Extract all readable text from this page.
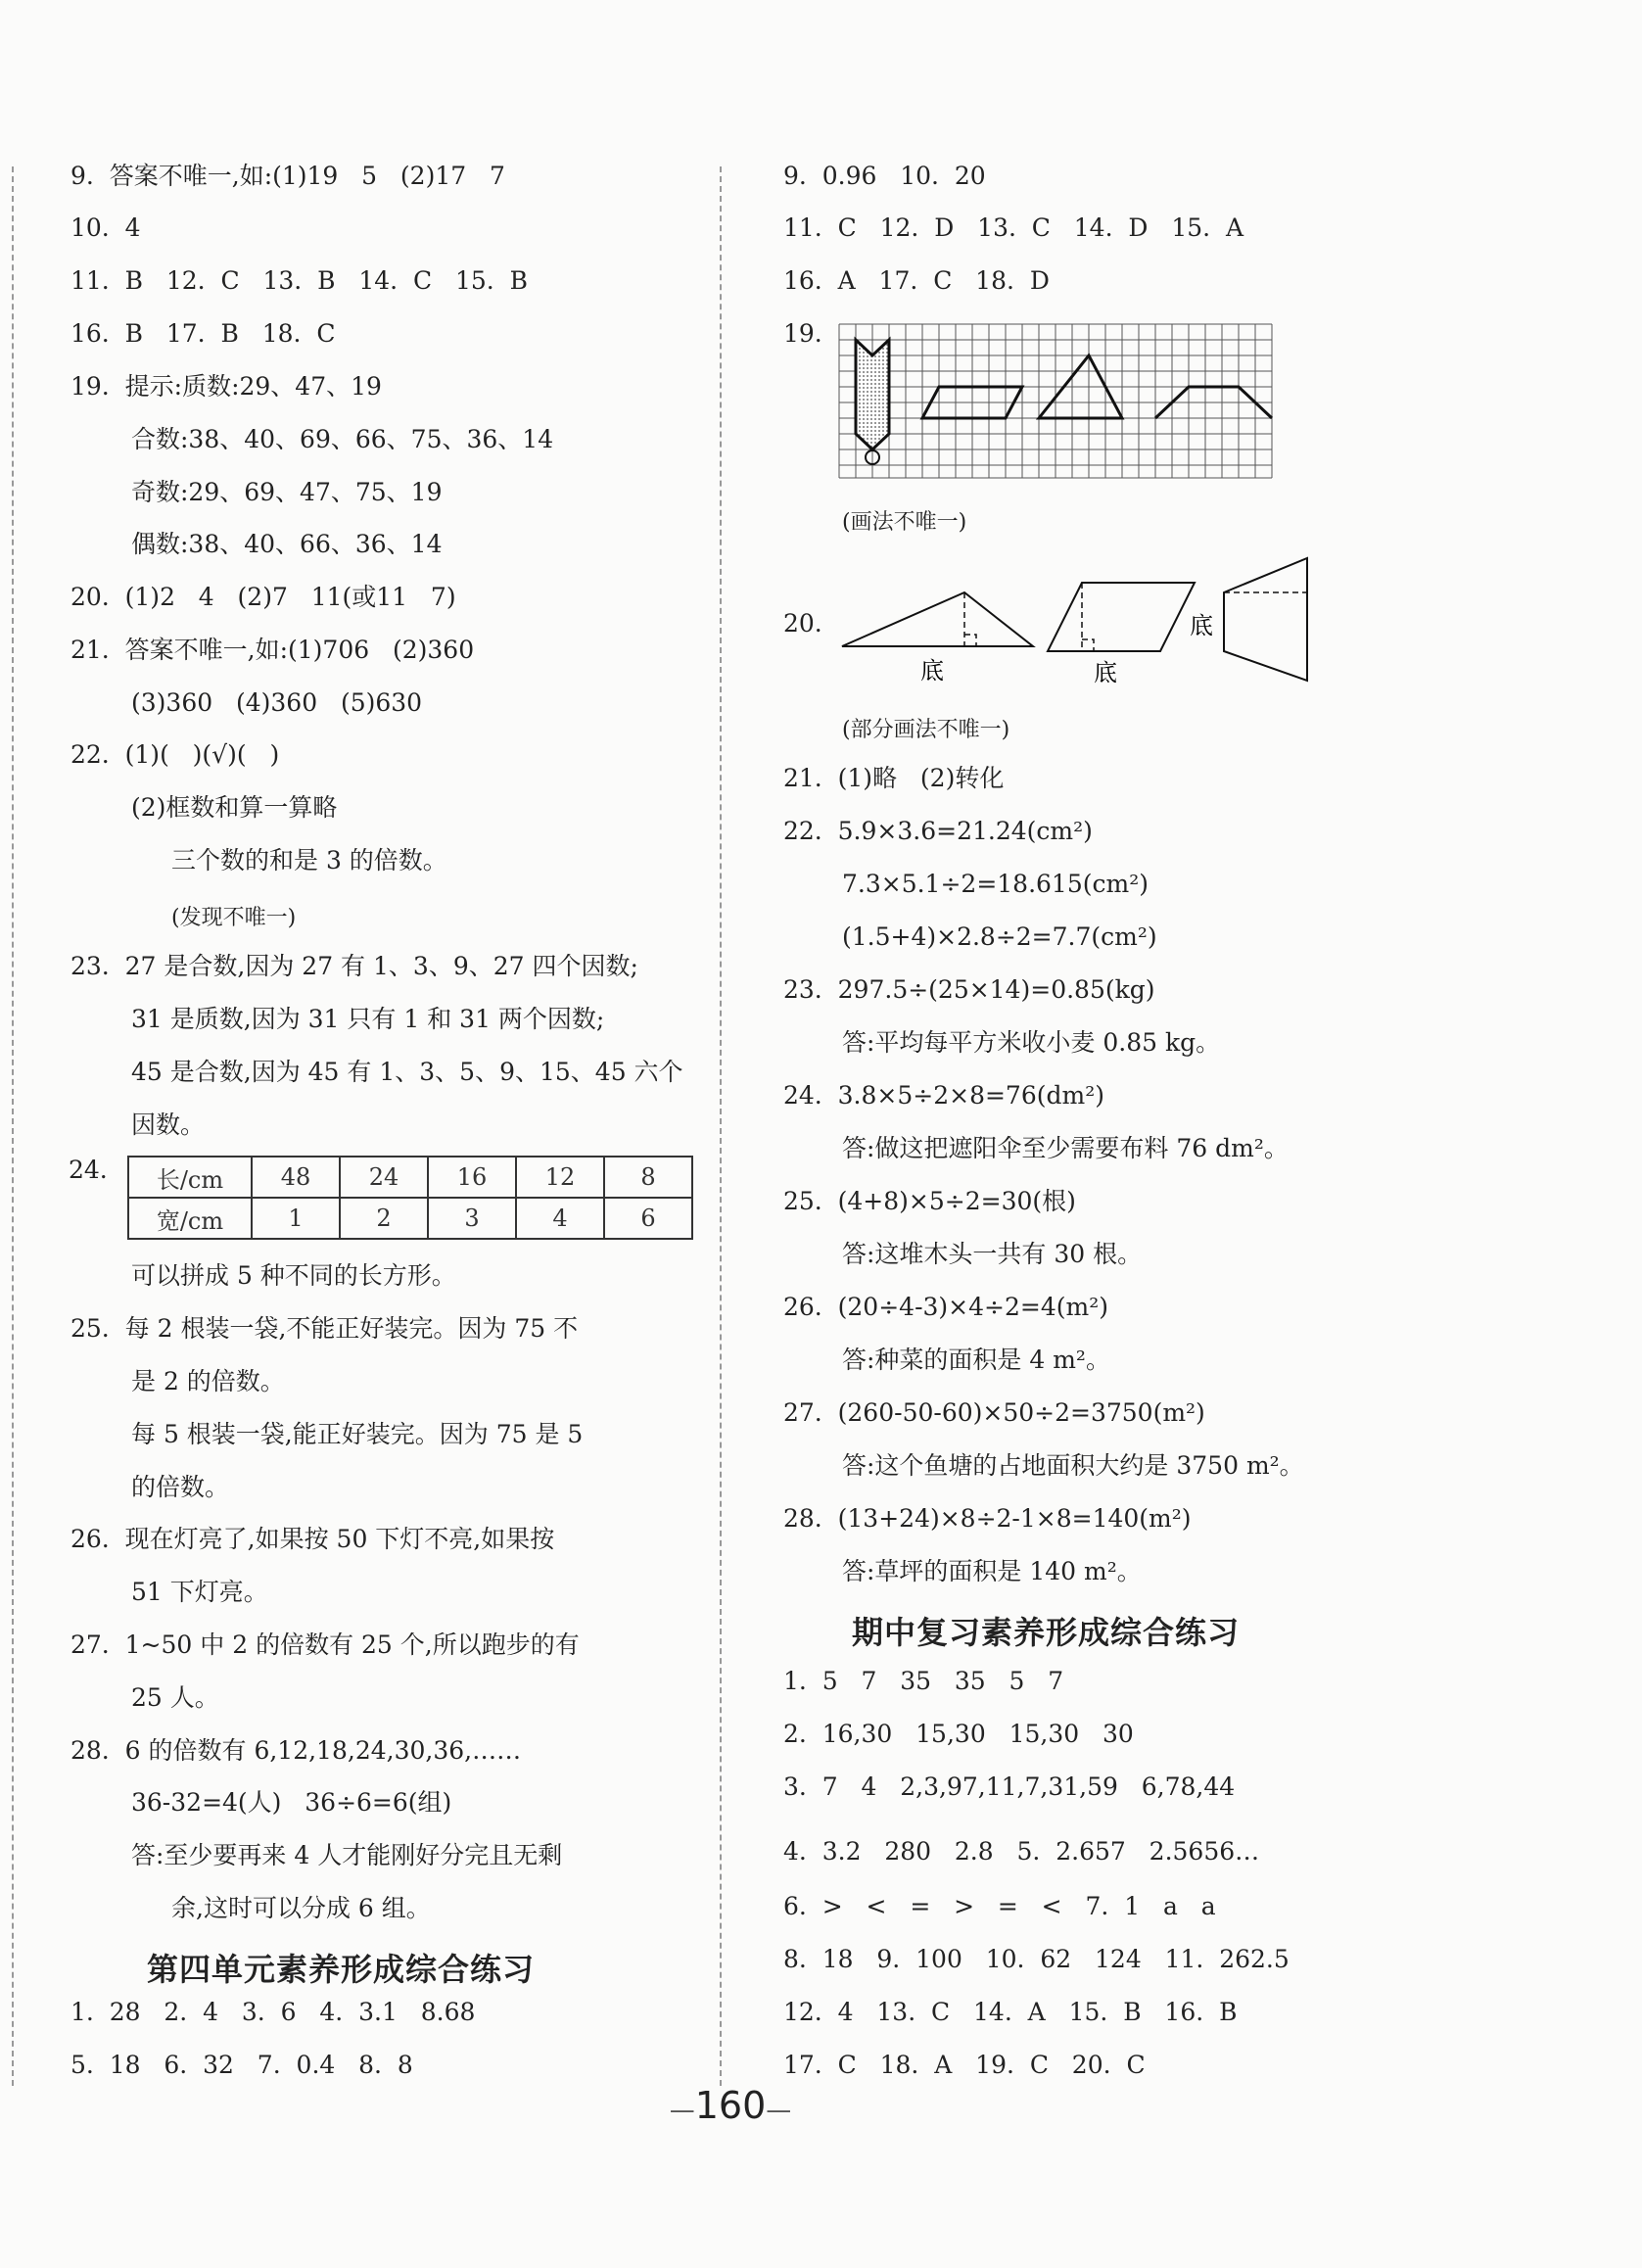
9.  答案不唯一,如:(1)19   5   (2)17   7
10.  4
11.  B   12.  C   13.  B   14.  C   15.  B
16.  B   17.  B   18.  C
19.  提示:质数:29、47、19
合数:38、40、69、66、75、36、14
奇数:29、69、47、75、19
偶数:38、40、66、36、14
20.  (1)2   4   (2)7   11(或11   7)
21.  答案不唯一,如:(1)706   (2)360
(3)360   (4)360   (5)630
22.  (1)(   )(√)(   )
(2)框数和算一算略
三个数的和是 3 的倍数。
(发现不唯一)
23.  27 是合数,因为 27 有 1、3、9、27 四个因数;
31 是质数,因为 31 只有 1 和 31 两个因数;
45 是合数,因为 45 有 1、3、5、9、15、45 六个
因数。
24. 长/cm	48	24	16	12	8
宽/cm	1	2	3	4	6
可以拼成 5 种不同的长方形。
25.  每 2 根装一袋,不能正好装完。因为 75 不
是 2 的倍数。
每 5 根装一袋,能正好装完。因为 75 是 5
的倍数。
26.  现在灯亮了,如果按 50 下灯不亮,如果按
51 下灯亮。
27.  1~50 中 2 的倍数有 25 个,所以跑步的有
25 人。
28.  6 的倍数有 6,12,18,24,30,36,……
36-32=4(人)   36÷6=6(组)
答:至少要再来 4 人才能刚好分完且无剩
余,这时可以分成 6 组。
第四单元素养形成综合练习
1.  28   2.  4   3.  6   4.  3.1   8.68
5.  18   6.  32   7.  0.4   8.  8
9.  0.96   10.  20
11.  C   12.  D   13.  C   14.  D   15.  A
16.  A   17.  C   18.  D
19.
(画法不唯一)
20.
底	底
底
(部分画法不唯一)
21.  (1)略   (2)转化
22.  5.9×3.6=21.24(cm²)
7.3×5.1÷2=18.615(cm²)
(1.5+4)×2.8÷2=7.7(cm²)
23.  297.5÷(25×14)=0.85(kg)
答:平均每平方米收小麦 0.85 kg。
24.  3.8×5÷2×8=76(dm²)
答:做这把遮阳伞至少需要布料 76 dm²。
25.  (4+8)×5÷2=30(根)
答:这堆木头一共有 30 根。
26.  (20÷4-3)×4÷2=4(m²)
答:种菜的面积是 4 m²。
27.  (260-50-60)×50÷2=3750(m²)
答:这个鱼塘的占地面积大约是 3750 m²。
28.  (13+24)×8÷2-1×8=140(m²)
答:草坪的面积是 140 m²。
期中复习素养形成综合练习
1.  5   7   35   35   5   7
2.  16,30   15,30   15,30   30
3.  7   4   2,3,97,11,7,31,59   6,78,44
4.  3.2   280   2.8   5.  2.657   2.5656…
6.  >   <   =   >   =   <   7.  1   a   a
8.  18   9.  100   10.  62   124   11.  262.5
12.  4   13.  C   14.  A   15.  B   16.  B
17.  C   18.  A   19.  C   20.  C
—160—
